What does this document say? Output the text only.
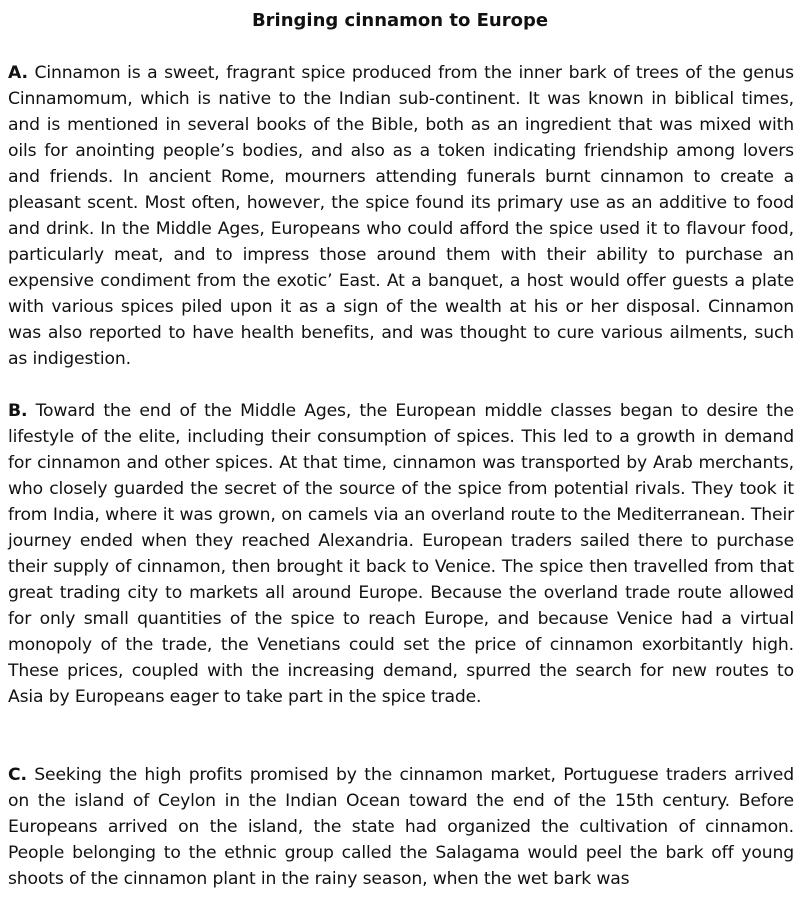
Bringing cinnamon to Europe

A. Cinnamon is a sweet, fragrant spice produced from the inner bark of trees of the genus Cinnamomum, which is native to the Indian sub-continent. It was known in biblical times, and is mentioned in several books of the Bible, both as an ingredient that was mixed with oils for anointing people’s bodies, and also as a token indicating friendship among lovers and friends. In ancient Rome, mourners attending funerals burnt cinnamon to create a pleasant scent. Most often, however, the spice found its primary use as an additive to food and drink. In the Middle Ages, Europeans who could afford the spice used it to flavour food, particularly meat, and to impress those around them with their ability to purchase an expensive condiment from the exotic’ East. At a banquet, a host would offer guests a plate with various spices piled upon it as a sign of the wealth at his or her disposal. Cinnamon was also reported to have health benefits, and was thought to cure various ailments, such as indigestion.

B. Toward the end of the Middle Ages, the European middle classes began to desire the lifestyle of the elite, including their consumption of spices. This led to a growth in demand for cinnamon and other spices. At that time, cinnamon was transported by Arab merchants, who closely guarded the secret of the source of the spice from potential rivals. They took it from India, where it was grown, on camels via an overland route to the Mediterranean. Their journey ended when they reached Alexandria. European traders sailed there to purchase their supply of cinnamon, then brought it back to Venice. The spice then travelled from that great trading city to markets all around Europe. Because the overland trade route allowed for only small quantities of the spice to reach Europe, and because Venice had a virtual monopoly of the trade, the Venetians could set the price of cinnamon exorbitantly high. These prices, coupled with the increasing demand, spurred the search for new routes to Asia by Europeans eager to take part in the spice trade.

C. Seeking the high profits promised by the cinnamon market, Portuguese traders arrived on the island of Ceylon in the Indian Ocean toward the end of the 15th century. Before Europeans arrived on the island, the state had organized the cultivation of cinnamon. People belonging to the ethnic group called the Salagama would peel the bark off young shoots of the cinnamon plant in the rainy season, when the wet bark was
